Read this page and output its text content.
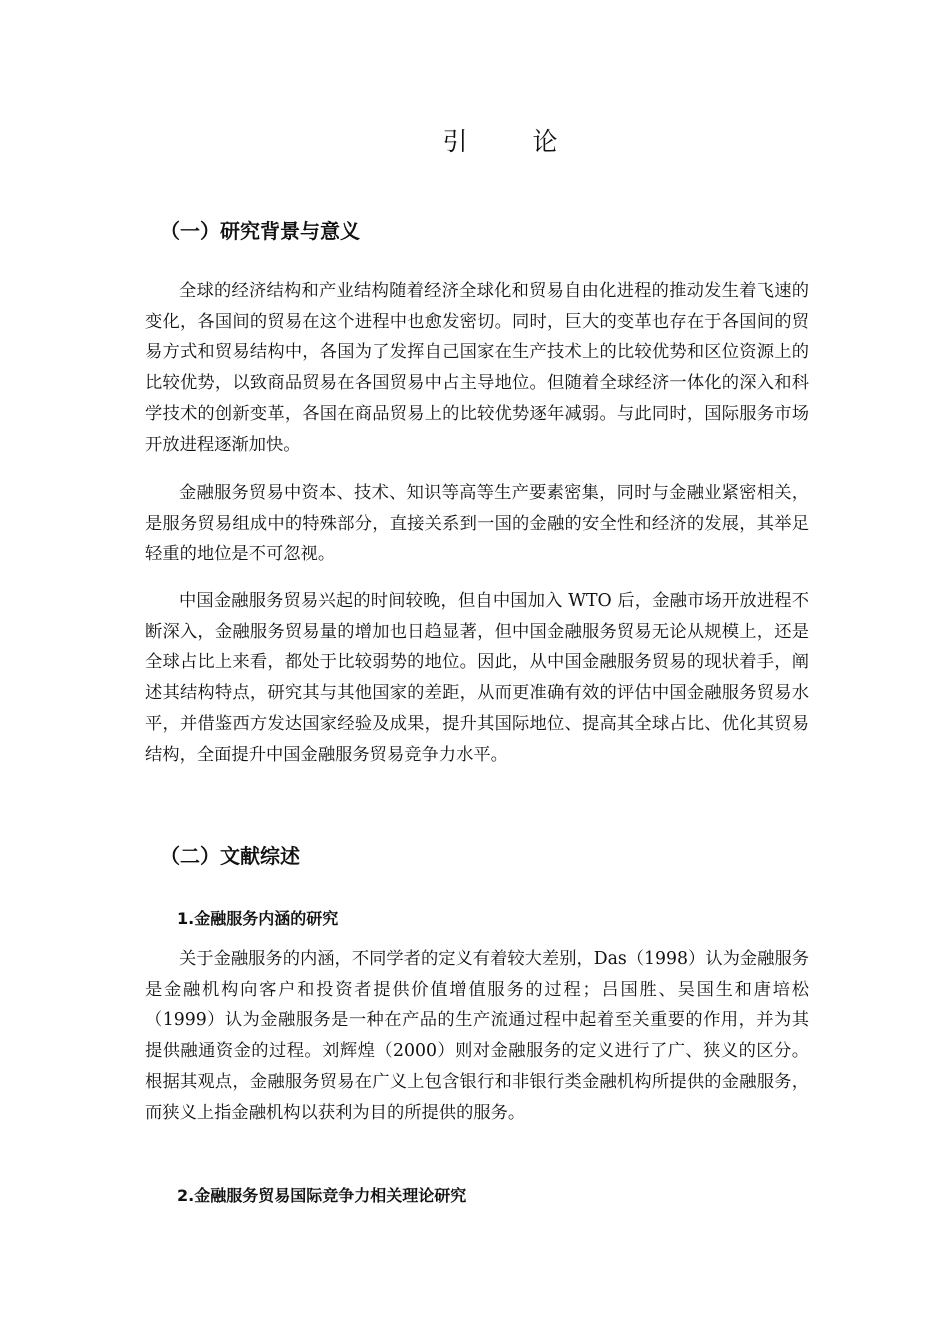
引　论
（一）研究背景与意义

全球的经济结构和产业结构随着经济全球化和贸易自由化进程的推动发生着飞速的变化，各国间的贸易在这个进程中也愈发密切。同时，巨大的变革也存在于各国间的贸易方式和贸易结构中，各国为了发挥自己国家在生产技术上的比较优势和区位资源上的比较优势，以致商品贸易在各国贸易中占主导地位。但随着全球经济一体化的深入和科学技术的创新变革，各国在商品贸易上的比较优势逐年减弱。与此同时，国际服务市场开放进程逐渐加快。

金融服务贸易中资本、技术、知识等高等生产要素密集，同时与金融业紧密相关，是服务贸易组成中的特殊部分，直接关系到一国的金融的安全性和经济的发展，其举足轻重的地位是不可忽视。

中国金融服务贸易兴起的时间较晚，但自中国加入 WTO 后，金融市场开放进程不断深入，金融服务贸易量的增加也日趋显著，但中国金融服务贸易无论从规模上，还是全球占比上来看，都处于比较弱势的地位。因此，从中国金融服务贸易的现状着手，阐述其结构特点，研究其与其他国家的差距，从而更准确有效的评估中国金融服务贸易水平，并借鉴西方发达国家经验及成果，提升其国际地位、提高其全球占比、优化其贸易结构，全面提升中国金融服务贸易竞争力水平。

（二）文献综述
1.金融服务内涵的研究

关于金融服务的内涵，不同学者的定义有着较大差别，Das（1998）认为金融服务是金融机构向客户和投资者提供价值增值服务的过程；吕国胜、吴国生和唐培松（1999）认为金融服务是一种在产品的生产流通过程中起着至关重要的作用，并为其提供融通资金的过程。刘辉煌（2000）则对金融服务的定义进行了广、狭义的区分。根据其观点，金融服务贸易在广义上包含银行和非银行类金融机构所提供的金融服务，而狭义上指金融机构以获利为目的所提供的服务。

2.金融服务贸易国际竞争力相关理论研究
